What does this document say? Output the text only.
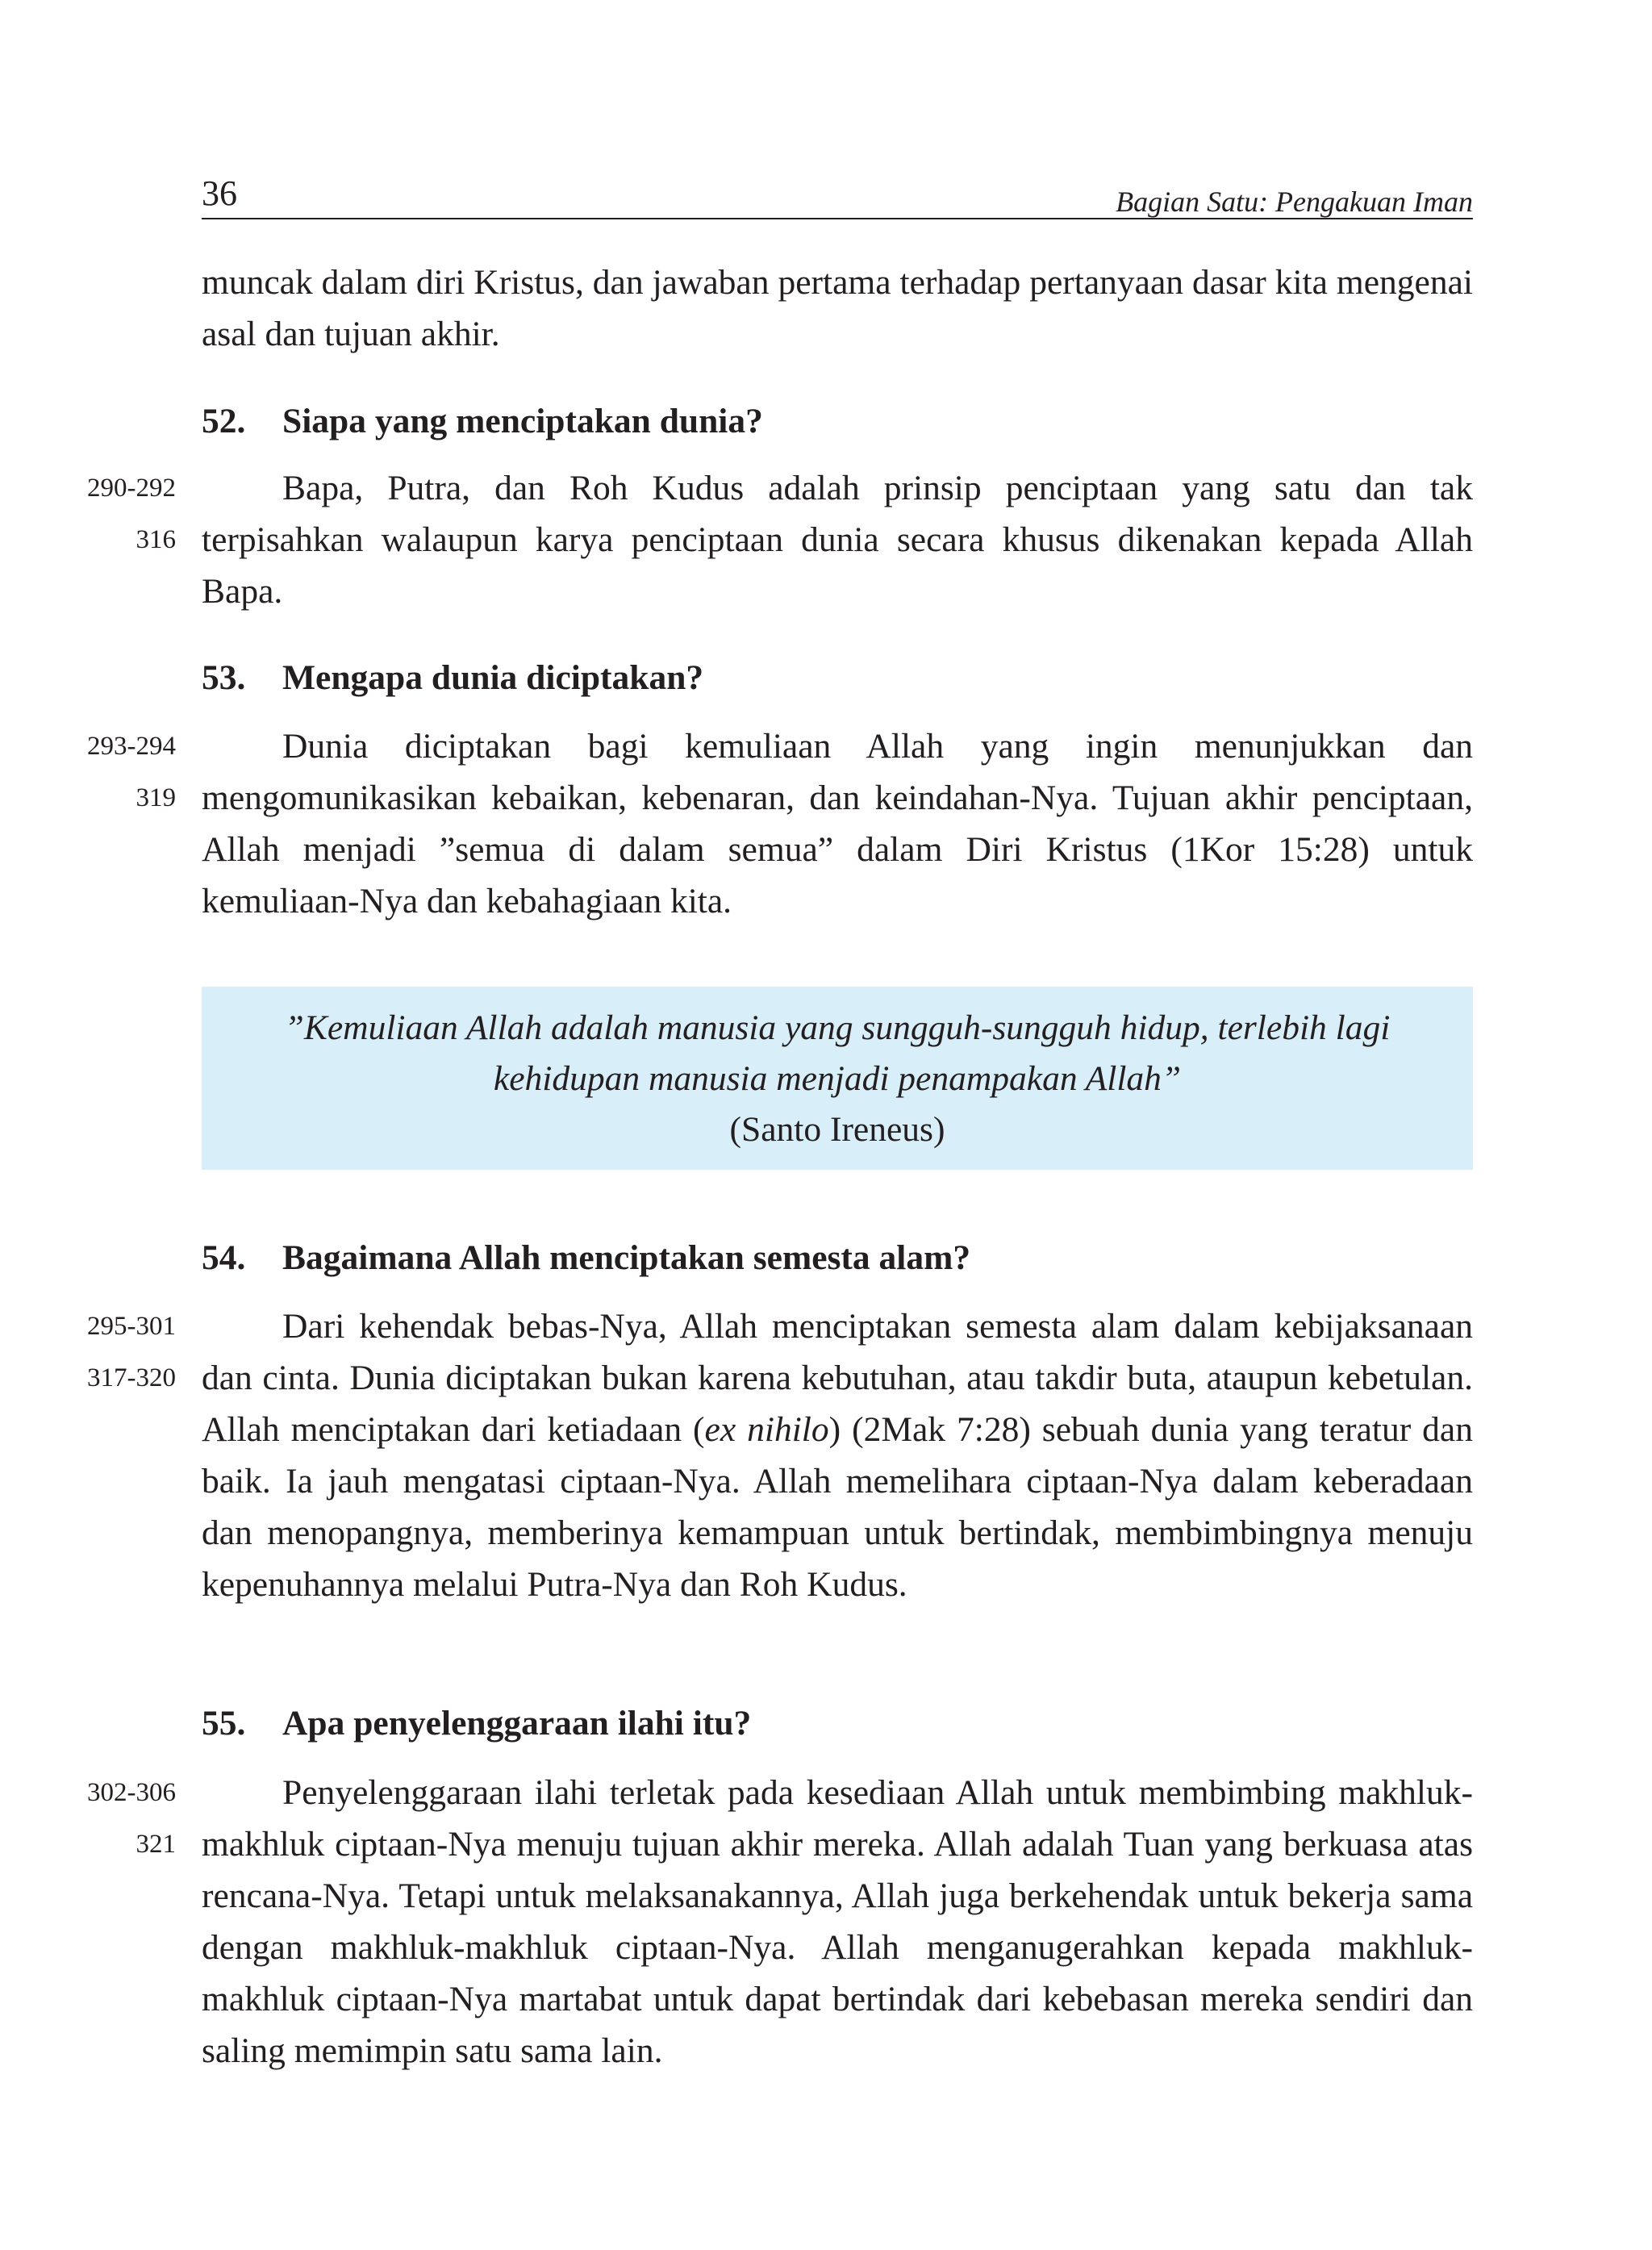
36	Bagian Satu: Pengakuan Iman

muncak dalam diri Kristus, dan jawaban pertama terhadap pertanyaan dasar kita mengenai asal dan tujuan akhir.

52. Siapa yang menciptakan dunia?

290-292
316

Bapa, Putra, dan Roh Kudus adalah prinsip penciptaan yang satu dan tak terpisahkan walaupun karya penciptaan dunia secara khusus dikenakan kepada Allah Bapa.

53. Mengapa dunia diciptakan?

293-294
319

Dunia diciptakan bagi kemuliaan Allah yang ingin menunjukkan dan mengomunikasikan kebaikan, kebenaran, dan keindahan-Nya. Tujuan akhir penciptaan, Allah menjadi ”semua di dalam semua” dalam Diri Kristus (1Kor 15:28) untuk kemuliaan-Nya dan kebahagiaan kita.

”Kemuliaan Allah adalah manusia yang sungguh-sungguh hidup, terlebih lagi
kehidupan manusia menjadi penampakan Allah”
(Santo Ireneus)

54. Bagaimana Allah menciptakan semesta alam?

295-301
317-320

Dari kehendak bebas-Nya, Allah menciptakan semesta alam dalam kebijaksanaan dan cinta. Dunia diciptakan bukan karena kebutuhan, atau takdir buta, ataupun kebetulan. Allah menciptakan dari ketiadaan (ex nihilo) (2Mak 7:28) sebuah dunia yang teratur dan baik. Ia jauh mengatasi ciptaan-Nya. Allah memelihara ciptaan-Nya dalam keberadaan dan menopangnya, memberinya kemampuan untuk bertindak, membimbingnya menuju kepenuhannya melalui Putra-Nya dan Roh Kudus.

55. Apa penyelenggaraan ilahi itu?

302-306
321

Penyelenggaraan ilahi terletak pada kesediaan Allah untuk membimbing makhluk-makhluk ciptaan-Nya menuju tujuan akhir mereka. Allah adalah Tuan yang berkuasa atas rencana-Nya. Tetapi untuk melaksanakannya, Allah juga berkehendak untuk bekerja sama dengan makhluk-makhluk ciptaan-Nya. Allah menganugerahkan kepada makhluk-makhluk ciptaan-Nya martabat untuk dapat bertindak dari kebebasan mereka sendiri dan saling memimpin satu sama lain.
